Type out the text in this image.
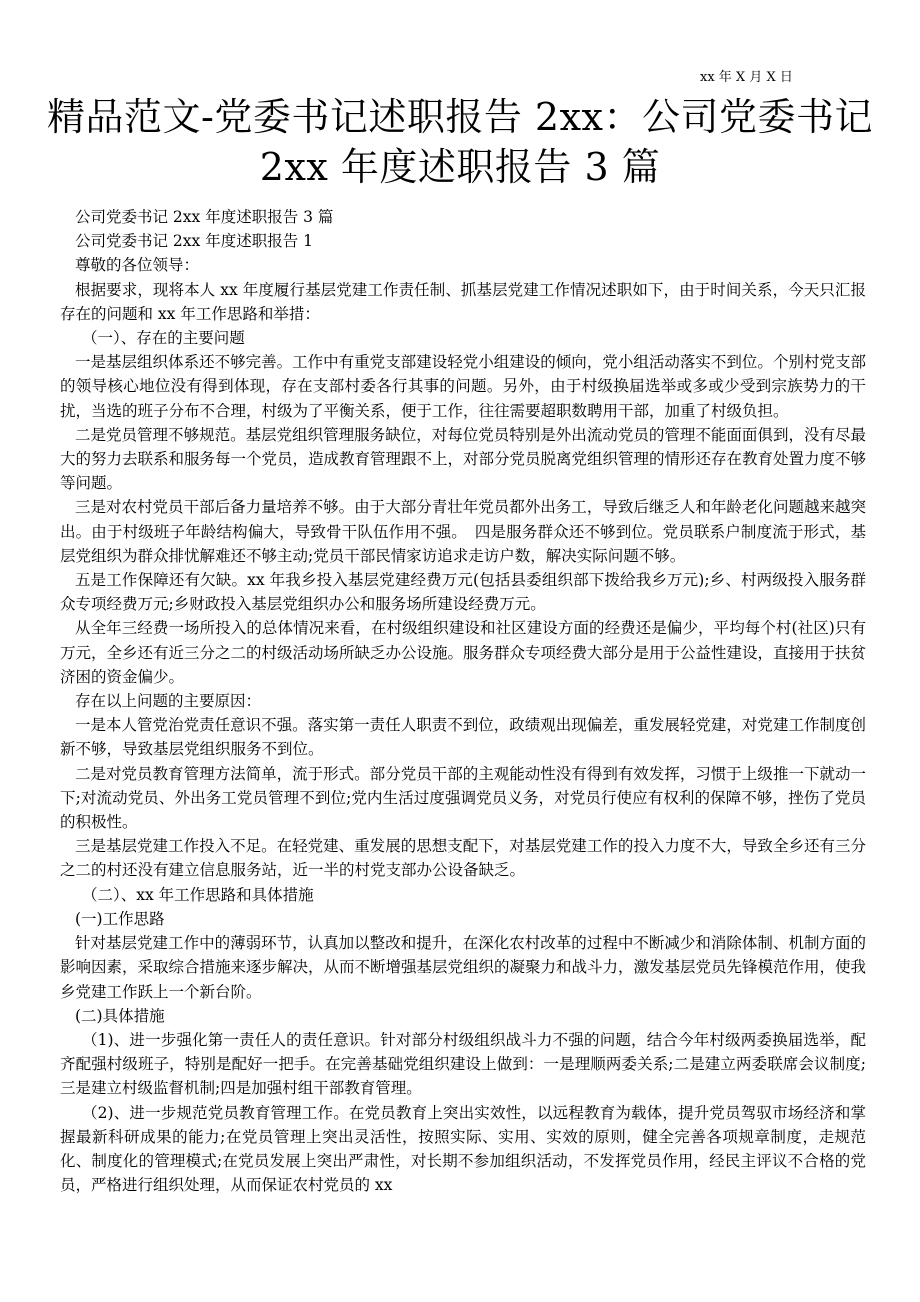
xx 年 X 月 X 日
精品范文-党委书记述职报告 2xx：公司党委书记 2xx 年度述职报告 3 篇

公司党委书记 2xx 年度述职报告 3 篇

公司党委书记 2xx 年度述职报告 1

尊敬的各位领导：

根据要求，现将本人 xx 年度履行基层党建工作责任制、抓基层党建工作情况述职如下，由于时间关系，今天只汇报存在的问题和 xx 年工作思路和举措：

（一）、存在的主要问题

一是基层组织体系还不够完善。工作中有重党支部建设轻党小组建设的倾向，党小组活动落实不到位。个别村党支部的领导核心地位没有得到体现，存在支部村委各行其事的问题。另外，由于村级换届选举或多或少受到宗族势力的干扰，当选的班子分布不合理，村级为了平衡关系，便于工作，往往需要超职数聘用干部，加重了村级负担。

二是党员管理不够规范。基层党组织管理服务缺位，对每位党员特别是外出流动党员的管理不能面面俱到，没有尽最大的努力去联系和服务每一个党员，造成教育管理跟不上，对部分党员脱离党组织管理的情形还存在教育处置力度不够等问题。

三是对农村党员干部后备力量培养不够。由于大部分青壮年党员都外出务工，导致后继乏人和年龄老化问题越来越突出。由于村级班子年龄结构偏大，导致骨干队伍作用不强。　四是服务群众还不够到位。党员联系户制度流于形式，基层党组织为群众排忧解难还不够主动;党员干部民情家访追求走访户数，解决实际问题不够。

五是工作保障还有欠缺。xx 年我乡投入基层党建经费万元(包括县委组织部下拨给我乡万元);乡、村两级投入服务群众专项经费万元;乡财政投入基层党组织办公和服务场所建设经费万元。

从全年三经费一场所投入的总体情况来看，在村级组织建设和社区建设方面的经费还是偏少，平均每个村(社区)只有万元，全乡还有近三分之二的村级活动场所缺乏办公设施。服务群众专项经费大部分是用于公益性建设，直接用于扶贫济困的资金偏少。

存在以上问题的主要原因：

一是本人管党治党责任意识不强。落实第一责任人职责不到位，政绩观出现偏差，重发展轻党建，对党建工作制度创新不够，导致基层党组织服务不到位。

二是对党员教育管理方法简单，流于形式。部分党员干部的主观能动性没有得到有效发挥，习惯于上级推一下就动一下;对流动党员、外出务工党员管理不到位;党内生活过度强调党员义务，对党员行使应有权利的保障不够，挫伤了党员的积极性。

三是基层党建工作投入不足。在轻党建、重发展的思想支配下，对基层党建工作的投入力度不大，导致全乡还有三分之二的村还没有建立信息服务站，近一半的村党支部办公设备缺乏。

（二）、xx 年工作思路和具体措施

(一)工作思路

针对基层党建工作中的薄弱环节，认真加以整改和提升，在深化农村改革的过程中不断减少和消除体制、机制方面的影响因素，采取综合措施来逐步解决，从而不断增强基层党组织的凝聚力和战斗力，激发基层党员先锋模范作用，使我乡党建工作跃上一个新台阶。

(二)具体措施

（1)、进一步强化第一责任人的责任意识。针对部分村级组织战斗力不强的问题，结合今年村级两委换届选举，配齐配强村级班子，特别是配好一把手。在完善基础党组织建设上做到：一是理顺两委关系;二是建立两委联席会议制度;三是建立村级监督机制;四是加强村组干部教育管理。

（2)、进一步规范党员教育管理工作。在党员教育上突出实效性，以远程教育为载体，提升党员驾驭市场经济和掌握最新科研成果的能力;在党员管理上突出灵活性，按照实际、实用、实效的原则，健全完善各项规章制度，走规范化、制度化的管理模式;在党员发展上突出严肃性，对长期不参加组织活动，不发挥党员作用，经民主评议不合格的党员，严格进行组织处理，从而保证农村党员的 xx
